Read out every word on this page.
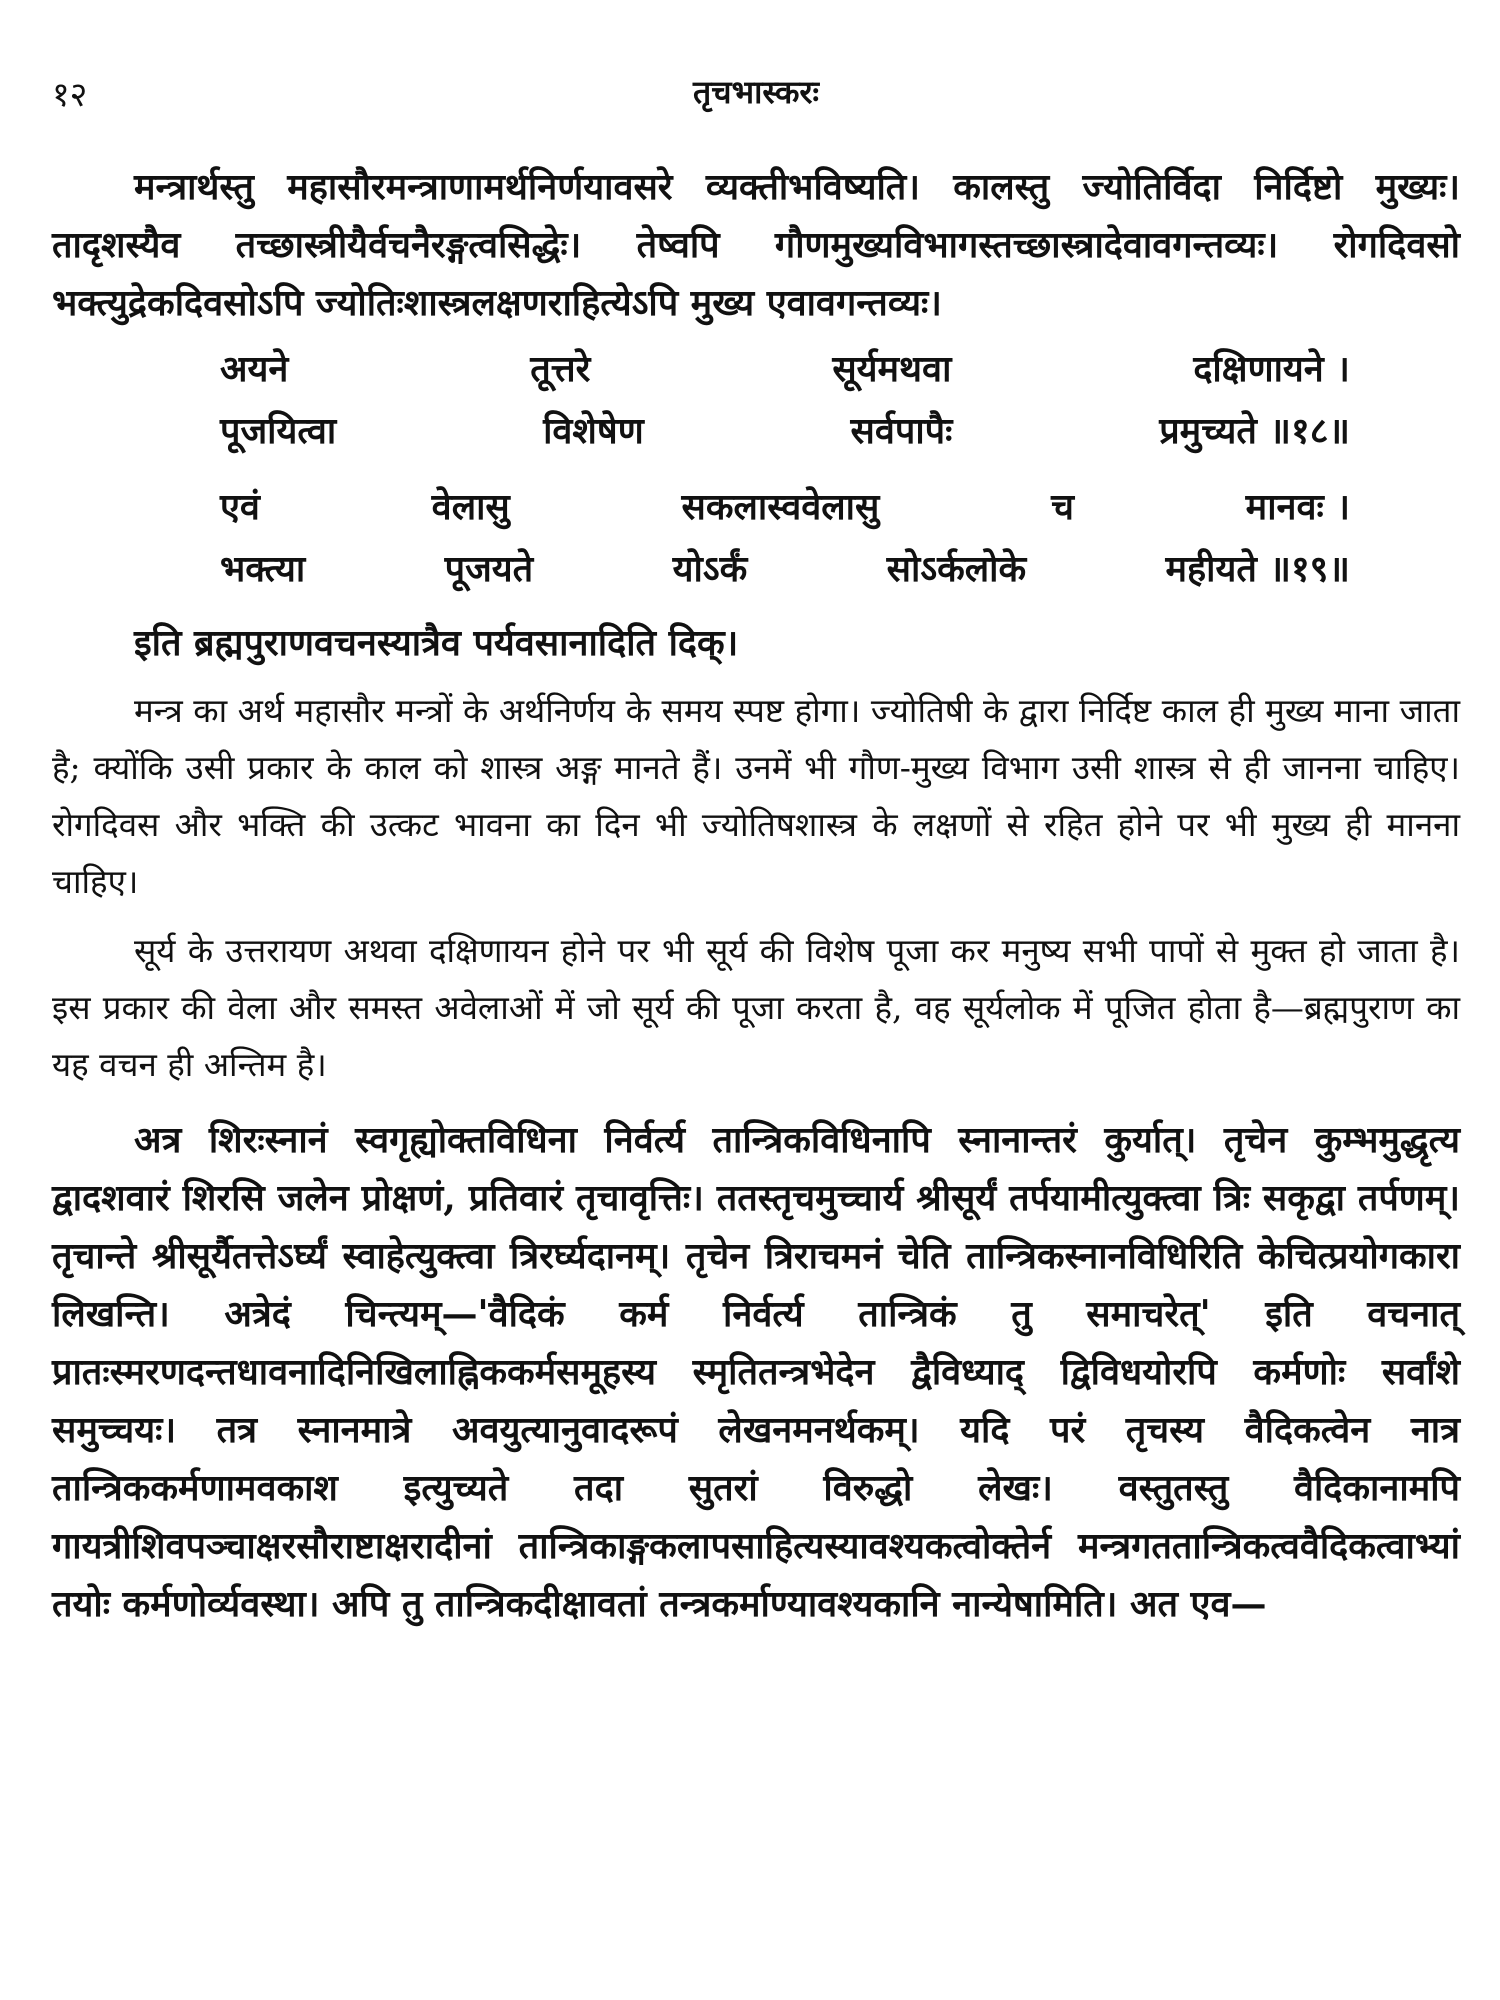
१२	तृचभास्करः

मन्त्रार्थस्तु महासौरमन्त्राणामर्थनिर्णयावसरे व्यक्तीभविष्यति। कालस्तु ज्योतिर्विदा निर्दिष्टो मुख्यः। तादृशस्यैव तच्छास्त्रीयैर्वचनैरङ्गत्वसिद्धेः। तेष्वपि गौणमुख्यविभागस्तच्छास्त्रादेवावगन्तव्यः। रोगदिवसो भक्त्युद्रेकदिवसोऽपि ज्योतिःशास्त्रलक्षणराहित्येऽपि मुख्य एवावगन्तव्यः।

अयने	तूत्तरे	सूर्यमथवा	दक्षिणायने ।
पूजयित्वा	विशेषेण	सर्वपापैः	प्रमुच्यते ॥१८॥
एवं	वेलासु	सकलास्ववेलासु	च	मानवः ।
भक्त्या	पूजयते	योऽर्कं	सोऽर्कलोके	महीयते ॥१९॥

इति ब्रह्मपुराणवचनस्यात्रैव पर्यवसानादिति दिक्।

मन्त्र का अर्थ महासौर मन्त्रों के अर्थनिर्णय के समय स्पष्ट होगा। ज्योतिषी के द्वारा निर्दिष्ट काल ही मुख्य माना जाता है; क्योंकि उसी प्रकार के काल को शास्त्र अङ्ग मानते हैं। उनमें भी गौण-मुख्य विभाग उसी शास्त्र से ही जानना चाहिए। रोगदिवस और भक्ति की उत्कट भावना का दिन भी ज्योतिषशास्त्र के लक्षणों से रहित होने पर भी मुख्य ही मानना चाहिए।

सूर्य के उत्तरायण अथवा दक्षिणायन होने पर भी सूर्य की विशेष पूजा कर मनुष्य सभी पापों से मुक्त हो जाता है। इस प्रकार की वेला और समस्त अवेलाओं में जो सूर्य की पूजा करता है, वह सूर्यलोक में पूजित होता है—ब्रह्मपुराण का यह वचन ही अन्तिम है।

अत्र शिरःस्नानं स्वगृह्योक्तविधिना निर्वर्त्य तान्त्रिकविधिनापि स्नानान्तरं कुर्यात्। तृचेन कुम्भमुद्धृत्य द्वादशवारं शिरसि जलेन प्रोक्षणं, प्रतिवारं तृचावृत्तिः। ततस्तृचमुच्चार्य श्रीसूर्यं तर्पयामीत्युक्त्वा त्रिः सकृद्वा तर्पणम्। तृचान्ते श्रीसूर्यैतत्तेऽर्घ्यं स्वाहेत्युक्त्वा त्रिरर्घ्यदानम्। तृचेन त्रिराचमनं चेति तान्त्रिकस्नानविधिरिति केचित्प्रयोगकारा लिखन्ति। अत्रेदं चिन्त्यम्—'वैदिकं कर्म निर्वर्त्य तान्त्रिकं तु समाचरेत्' इति वचनात् प्रातःस्मरणदन्तधावनादिनिखिलाह्निककर्मसमूहस्य स्मृतितन्त्रभेदेन द्वैविध्याद् द्विविधयोरपि कर्मणोः सर्वांशे समुच्चयः। तत्र स्नानमात्रे अवयुत्यानुवादरूपं लेखनमनर्थकम्। यदि परं तृचस्य वैदिकत्वेन नात्र तान्त्रिककर्मणामवकाश इत्युच्यते तदा सुतरां विरुद्धो लेखः। वस्तुतस्तु वैदिकानामपि गायत्रीशिवपञ्चाक्षरसौराष्टाक्षरादीनां तान्त्रिकाङ्गकलापसाहित्यस्यावश्यकत्वोक्तेर्न मन्त्रगततान्त्रिकत्ववैदिकत्वाभ्यां तयोः कर्मणोर्व्यवस्था। अपि तु तान्त्रिकदीक्षावतां तन्त्रकर्माण्यावश्यकानि नान्येषामिति। अत एव—
